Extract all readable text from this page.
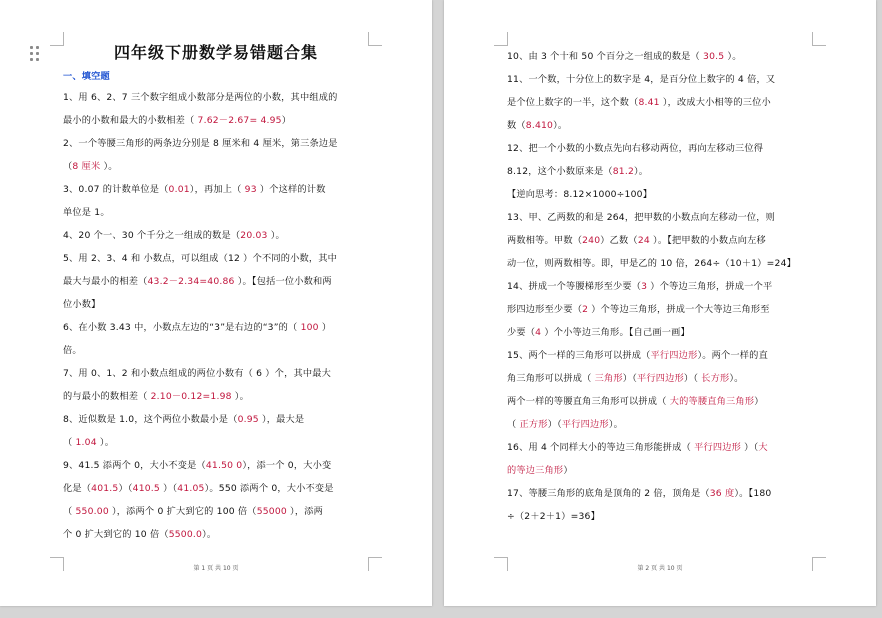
四年级下册数学易错题合集
一、填空题
1、用 6、2、7 三个数字组成小数部分是两位的小数，其中组成的
最小的小数和最大的小数相差（ 7.62－2.67= 4.95）
2、一个等腰三角形的两条边分别是 8 厘米和 4 厘米，第三条边是
（8 厘米 ）。
3、0.07 的计数单位是（0.01），再加上（ 93 ）个这样的计数
单位是 1。
4、20 个一、30 个千分之一组成的数是（20.03 ）。
5、用 2、3、4 和 小数点，可以组成（12 ）个不同的小数，其中
最大与最小的相差（43.2－2.34=40.86 ）。【包括一位小数和两
位小数】
6、在小数 3.43 中，小数点左边的“3”是右边的“3”的（ 100 ）
倍。
7、用 0、1、2 和小数点组成的两位小数有（ 6 ）个，其中最大
的与最小的数相差（ 2.10－0.12=1.98 ）。
8、近似数是 1.0，这个两位小数最小是（0.95 ），最大是
（ 1.04 ）。
9、41.5 添两个 0，大小不变是（41.50 0），添一个 0，大小变
化是（401.5）（410.5 ）（41.05）。550 添两个 0，大小不变是
（ 550.00 ），添两个 0 扩大到它的 100 倍（55000 ），添两
个 0 扩大到它的 10 倍（5500.0）。
第 1 页 共 10 页
10、由 3 个十和 50 个百分之一组成的数是（ 30.5 ）。
11、一个数，十分位上的数字是 4，是百分位上数字的 4 倍，又
是个位上数字的一半，这个数（8.41 ），改成大小相等的三位小
数（8.410）。
12、把一个小数的小数点先向右移动两位，再向左移动三位得
8.12，这个小数原来是（81.2）。
【逆向思考：8.12×1000÷100】
13、甲、乙两数的和是 264，把甲数的小数点向左移动一位，则
两数相等。甲数（240）乙数（24 ）。【把甲数的小数点向左移
动一位，则两数相等。即，甲是乙的 10 倍，264÷（10＋1）=24】
14、拼成一个等腰梯形至少要（3 ）个等边三角形，拼成一个平
形四边形至少要（2 ）个等边三角形，拼成一个大等边三角形至
少要（4 ）个小等边三角形。【自己画一画】
15、两个一样的三角形可以拼成（平行四边形）。两个一样的直
角三角形可以拼成（ 三角形）（平行四边形）（ 长方形）。
两个一样的等腰直角三角形可以拼成（ 大的等腰直角三角形）
（ 正方形）（平行四边形）。
16、用 4 个同样大小的等边三角形能拼成（ 平行四边形 ）（大
的等边三角形）
17、等腰三角形的底角是顶角的 2 倍，顶角是（36 度）。【180
÷（2＋2＋1）=36】
第 2 页 共 10 页
